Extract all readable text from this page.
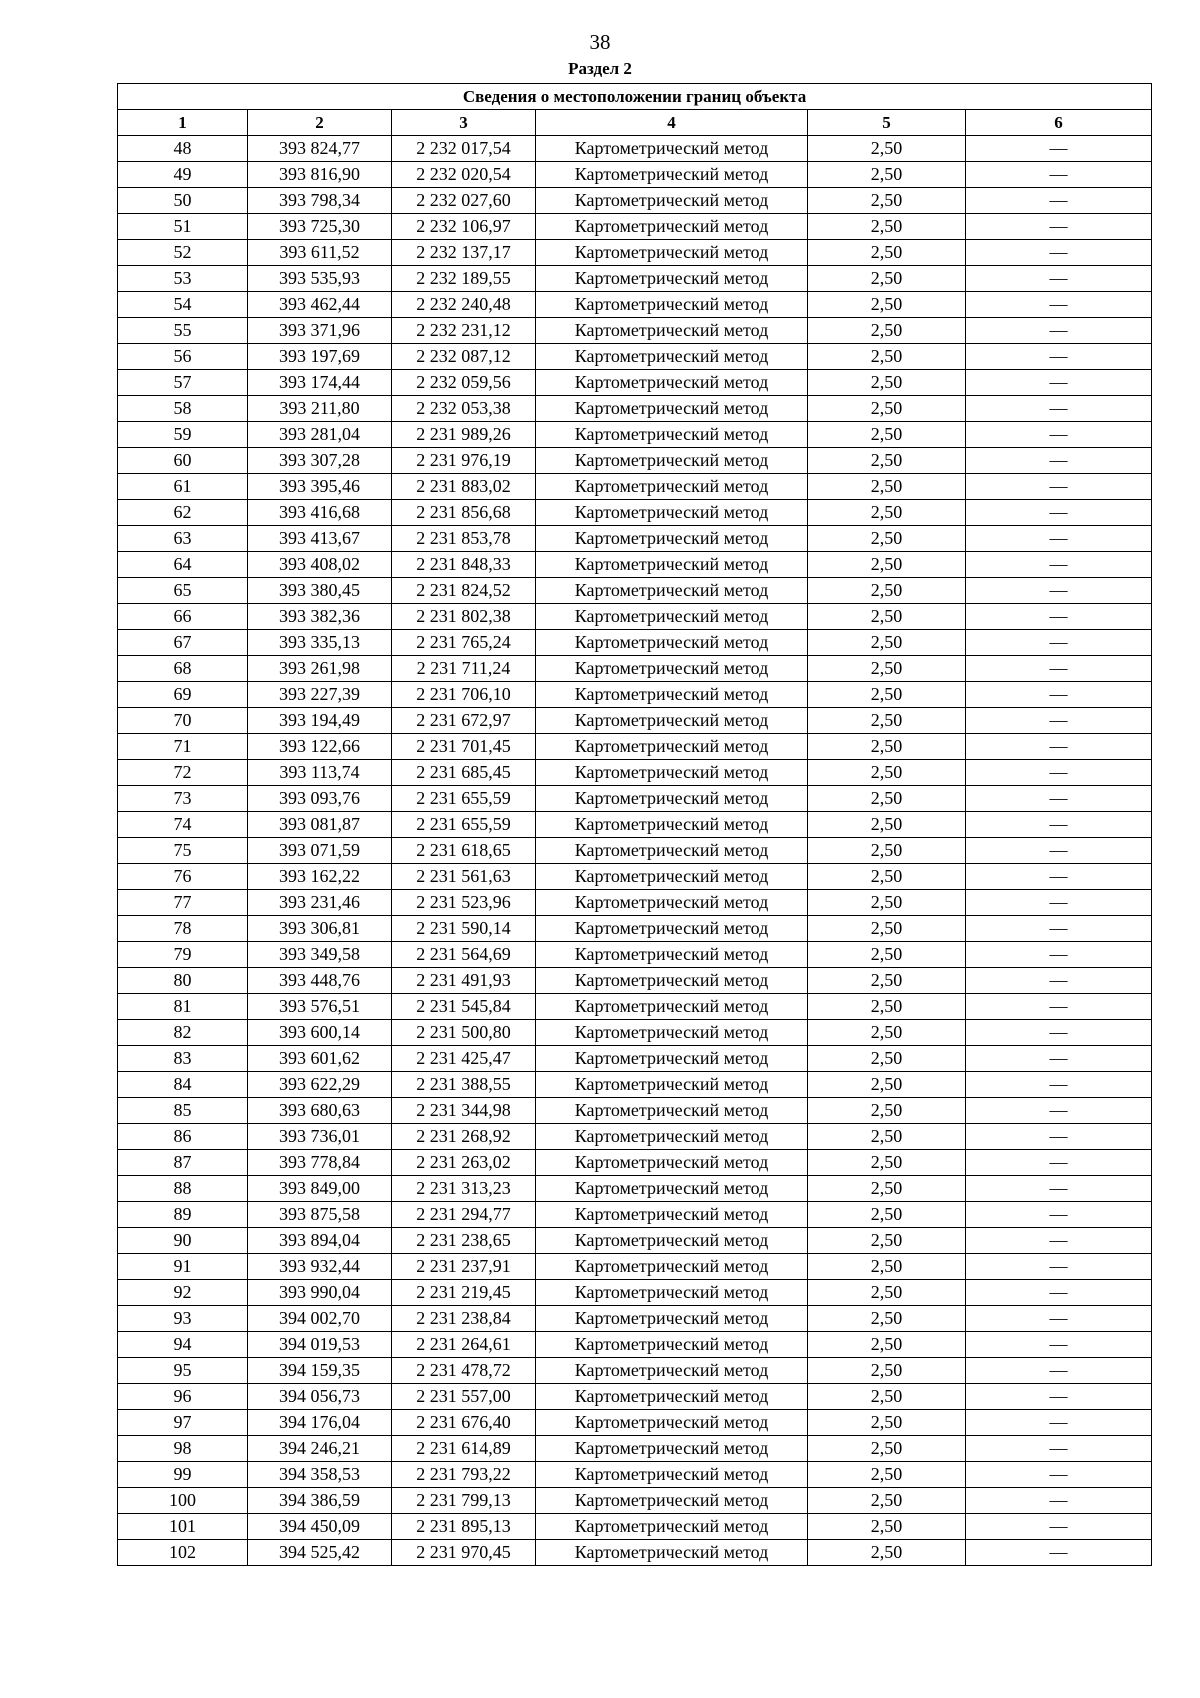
38
Раздел 2
Сведения о местоположении границ объекта					
1	2	3	4	5	6
48	393 824,77	2 232 017,54	Картометрический метод	2,50	—
49	393 816,90	2 232 020,54	Картометрический метод	2,50	—
50	393 798,34	2 232 027,60	Картометрический метод	2,50	—
51	393 725,30	2 232 106,97	Картометрический метод	2,50	—
52	393 611,52	2 232 137,17	Картометрический метод	2,50	—
53	393 535,93	2 232 189,55	Картометрический метод	2,50	—
54	393 462,44	2 232 240,48	Картометрический метод	2,50	—
55	393 371,96	2 232 231,12	Картометрический метод	2,50	—
56	393 197,69	2 232 087,12	Картометрический метод	2,50	—
57	393 174,44	2 232 059,56	Картометрический метод	2,50	—
58	393 211,80	2 232 053,38	Картометрический метод	2,50	—
59	393 281,04	2 231 989,26	Картометрический метод	2,50	—
60	393 307,28	2 231 976,19	Картометрический метод	2,50	—
61	393 395,46	2 231 883,02	Картометрический метод	2,50	—
62	393 416,68	2 231 856,68	Картометрический метод	2,50	—
63	393 413,67	2 231 853,78	Картометрический метод	2,50	—
64	393 408,02	2 231 848,33	Картометрический метод	2,50	—
65	393 380,45	2 231 824,52	Картометрический метод	2,50	—
66	393 382,36	2 231 802,38	Картометрический метод	2,50	—
67	393 335,13	2 231 765,24	Картометрический метод	2,50	—
68	393 261,98	2 231 711,24	Картометрический метод	2,50	—
69	393 227,39	2 231 706,10	Картометрический метод	2,50	—
70	393 194,49	2 231 672,97	Картометрический метод	2,50	—
71	393 122,66	2 231 701,45	Картометрический метод	2,50	—
72	393 113,74	2 231 685,45	Картометрический метод	2,50	—
73	393 093,76	2 231 655,59	Картометрический метод	2,50	—
74	393 081,87	2 231 655,59	Картометрический метод	2,50	—
75	393 071,59	2 231 618,65	Картометрический метод	2,50	—
76	393 162,22	2 231 561,63	Картометрический метод	2,50	—
77	393 231,46	2 231 523,96	Картометрический метод	2,50	—
78	393 306,81	2 231 590,14	Картометрический метод	2,50	—
79	393 349,58	2 231 564,69	Картометрический метод	2,50	—
80	393 448,76	2 231 491,93	Картометрический метод	2,50	—
81	393 576,51	2 231 545,84	Картометрический метод	2,50	—
82	393 600,14	2 231 500,80	Картометрический метод	2,50	—
83	393 601,62	2 231 425,47	Картометрический метод	2,50	—
84	393 622,29	2 231 388,55	Картометрический метод	2,50	—
85	393 680,63	2 231 344,98	Картометрический метод	2,50	—
86	393 736,01	2 231 268,92	Картометрический метод	2,50	—
87	393 778,84	2 231 263,02	Картометрический метод	2,50	—
88	393 849,00	2 231 313,23	Картометрический метод	2,50	—
89	393 875,58	2 231 294,77	Картометрический метод	2,50	—
90	393 894,04	2 231 238,65	Картометрический метод	2,50	—
91	393 932,44	2 231 237,91	Картометрический метод	2,50	—
92	393 990,04	2 231 219,45	Картометрический метод	2,50	—
93	394 002,70	2 231 238,84	Картометрический метод	2,50	—
94	394 019,53	2 231 264,61	Картометрический метод	2,50	—
95	394 159,35	2 231 478,72	Картометрический метод	2,50	—
96	394 056,73	2 231 557,00	Картометрический метод	2,50	—
97	394 176,04	2 231 676,40	Картометрический метод	2,50	—
98	394 246,21	2 231 614,89	Картометрический метод	2,50	—
99	394 358,53	2 231 793,22	Картометрический метод	2,50	—
100	394 386,59	2 231 799,13	Картометрический метод	2,50	—
101	394 450,09	2 231 895,13	Картометрический метод	2,50	—
102	394 525,42	2 231 970,45	Картометрический метод	2,50	—
